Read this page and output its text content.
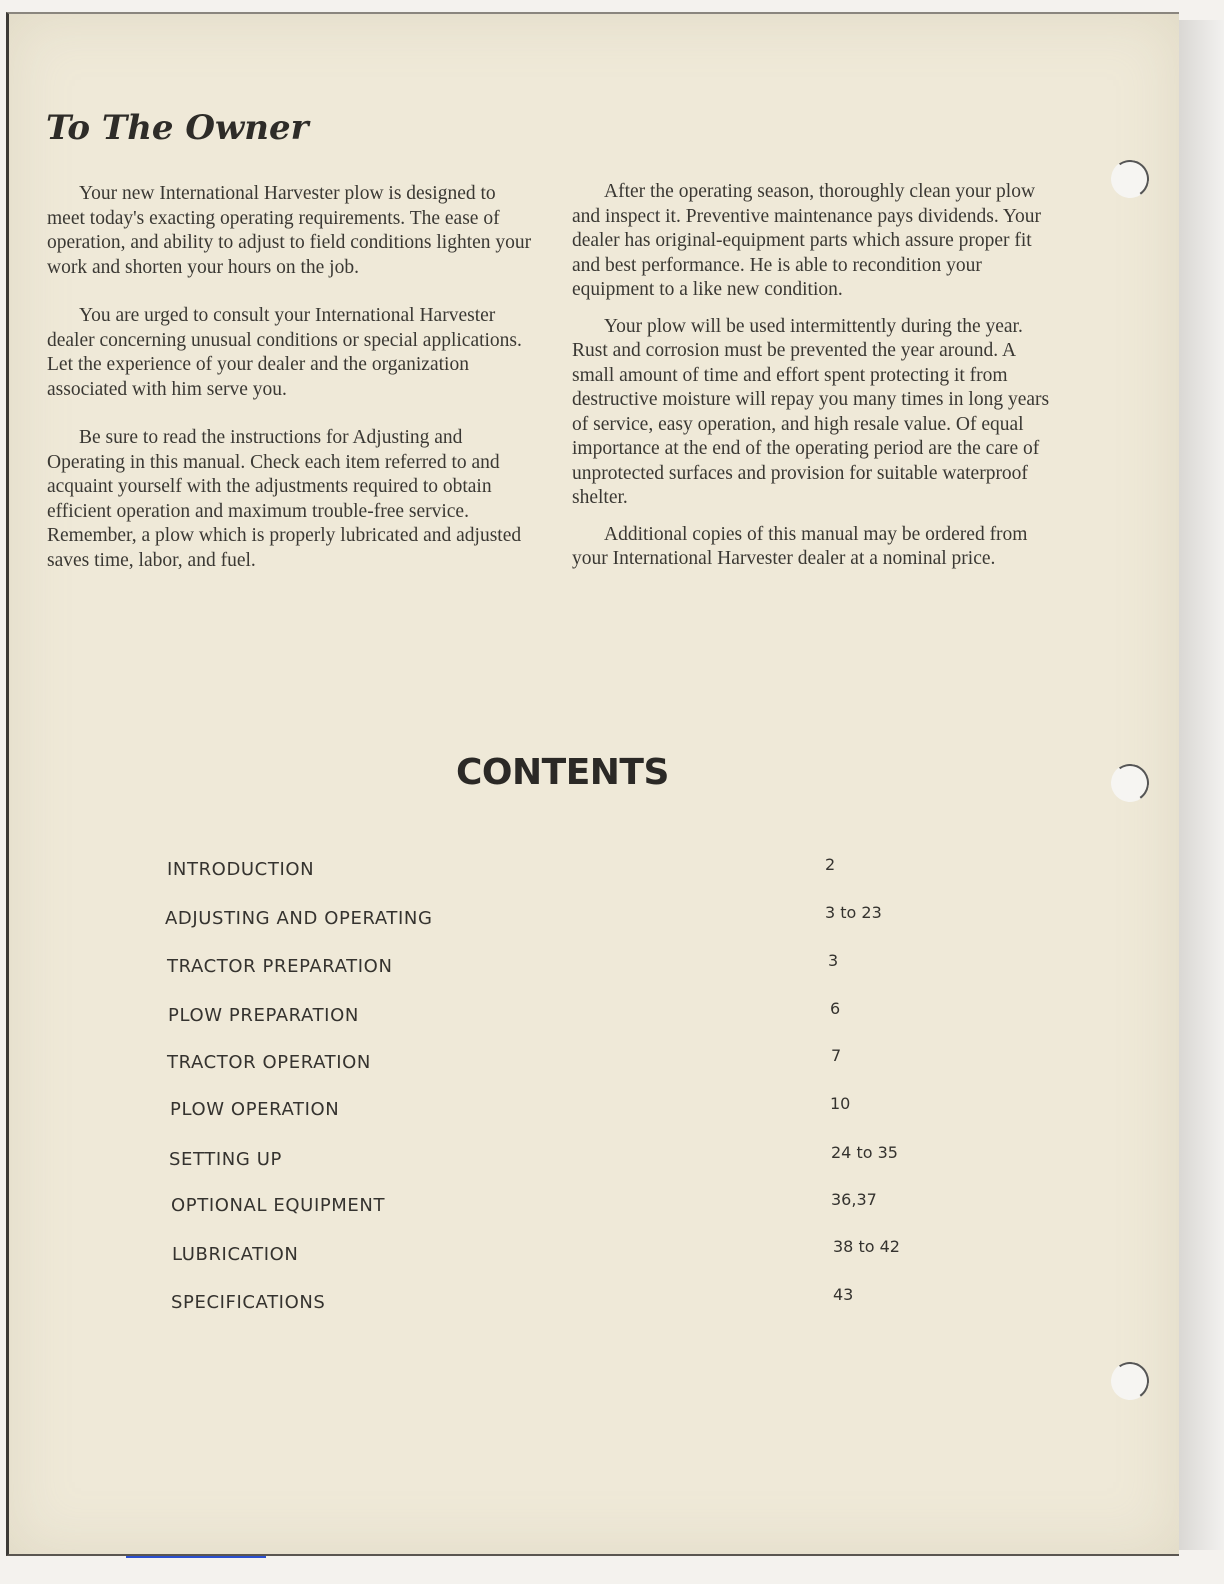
To The Owner

Your new International Harvester plow is designed to meet today's exacting operating requirements. The ease of operation, and ability to adjust to field conditions lighten your work and shorten your hours on the job.

You are urged to consult your International Harvester dealer concerning unusual conditions or special applications. Let the experience of your dealer and the organization associated with him serve you.

Be sure to read the instructions for Adjusting and Operating in this manual. Check each item referred to and acquaint yourself with the adjustments required to obtain efficient operation and maximum trouble-free service. Remember, a plow which is properly lubricated and adjusted saves time, labor, and fuel.

After the operating season, thoroughly clean your plow and inspect it. Preventive maintenance pays dividends. Your dealer has original-equipment parts which assure proper fit and best performance. He is able to recondition your equipment to a like new condition.

Your plow will be used intermittently during the year. Rust and corrosion must be prevented the year around. A small amount of time and effort spent protecting it from destructive moisture will repay you many times in long years of service, easy operation, and high resale value. Of equal importance at the end of the operating period are the care of unprotected surfaces and provision for suitable waterproof shelter.

Additional copies of this manual may be ordered from your International Harvester dealer at a nominal price.

CONTENTS
INTRODUCTION	2
ADJUSTING AND OPERATING	3 to 23
TRACTOR PREPARATION	3
PLOW PREPARATION	6
TRACTOR OPERATION	7
PLOW OPERATION	10
SETTING UP	24 to 35
OPTIONAL EQUIPMENT	36,37
LUBRICATION	38 to 42
SPECIFICATIONS	43
